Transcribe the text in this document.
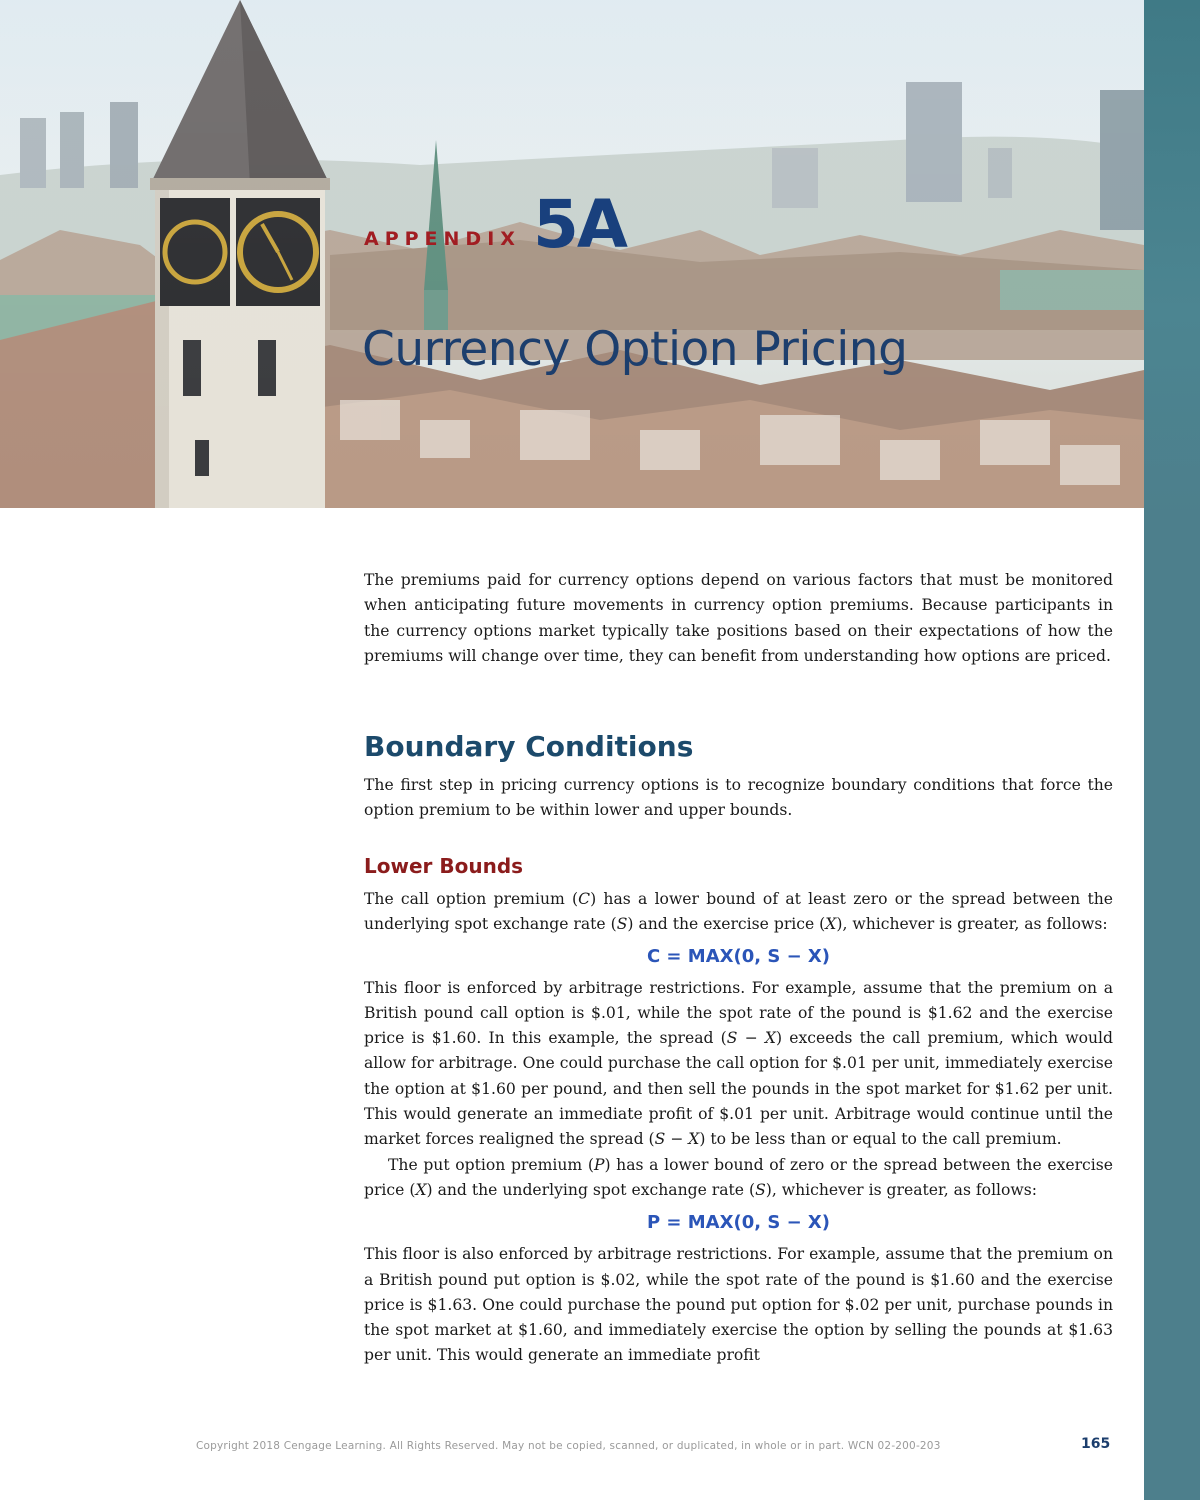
APPENDIX 5A
Currency Option Pricing

The premiums paid for currency options depend on various factors that must be monitored when anticipating future movements in currency option premiums. Because participants in the currency options market typically take positions based on their expectations of how the premiums will change over time, they can benefit from understanding how options are priced.

Boundary Conditions

The first step in pricing currency options is to recognize boundary conditions that force the option premium to be within lower and upper bounds.

Lower Bounds

The call option premium (C) has a lower bound of at least zero or the spread between the underlying spot exchange rate (S) and the exercise price (X), whichever is greater, as follows:

C = MAX(0, S − X)

This floor is enforced by arbitrage restrictions. For example, assume that the premium on a British pound call option is $.01, while the spot rate of the pound is $1.62 and the exercise price is $1.60. In this example, the spread (S − X) exceeds the call premium, which would allow for arbitrage. One could purchase the call option for $.01 per unit, immediately exercise the option at $1.60 per pound, and then sell the pounds in the spot market for $1.62 per unit. This would generate an immediate profit of $.01 per unit. Arbitrage would continue until the market forces realigned the spread (S − X) to be less than or equal to the call premium.

The put option premium (P) has a lower bound of zero or the spread between the exercise price (X) and the underlying spot exchange rate (S), whichever is greater, as follows:

P = MAX(0, S − X)

This floor is also enforced by arbitrage restrictions. For example, assume that the premium on a British pound put option is $.02, while the spot rate of the pound is $1.60 and the exercise price is $1.63. One could purchase the pound put option for $.02 per unit, purchase pounds in the spot market at $1.60, and immediately exercise the option by selling the pounds at $1.63 per unit. This would generate an immediate profit

Copyright 2018 Cengage Learning. All Rights Reserved. May not be copied, scanned, or duplicated, in whole or in part. WCN 02-200-203	165
